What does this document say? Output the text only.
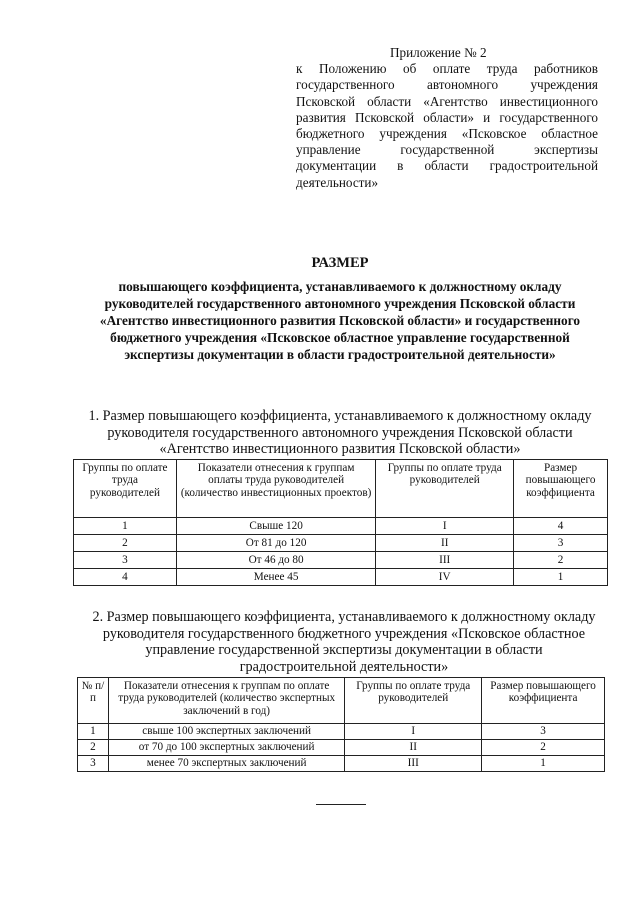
Приложение № 2
к Положению об оплате труда работников государственного автономного учреждения Псковской области «Агентство инвестиционного развития Псковской области» и государственного бюджетного учреждения «Псковское областное управление государственной экспертизы документации в области градостроительной деятельности»
РАЗМЕР
повышающего коэффициента, устанавливаемого к должностному окладу руководителей государственного автономного учреждения Псковской области «Агентство инвестиционного развития Псковской области» и государственного бюджетного учреждения «Псковское областное управление государственной экспертизы документации в области градостроительной деятельности»
1. Размер повышающего коэффициента, устанавливаемого к должностному окладу руководителя государственного автономного учреждения Псковской области «Агентство инвестиционного развития Псковской области»
Группы по оплате труда руководителей	Показатели отнесения к группам оплаты труда руководителей (количество инвестиционных проектов)	Группы по оплате труда руководителей	Размер повышающего коэффициента
1	Свыше 120	I	4
2	От 81 до 120	II	3
3	От 46 до 80	III	2
4	Менее 45	IV	1
2. Размер повышающего коэффициента, устанавливаемого к должностному окладу руководителя государственного бюджетного учреждения «Псковское областное управление государственной экспертизы документации в области градостроительной деятельности»
№ п/п	Показатели отнесения к группам по оплате труда руководителей (количество экспертных заключений в год)	Группы по оплате труда руководителей	Размер повышающего коэффициента
1	свыше 100 экспертных заключений	I	3
2	от 70 до 100 экспертных заключений	II	2
3	менее 70 экспертных заключений	III	1
